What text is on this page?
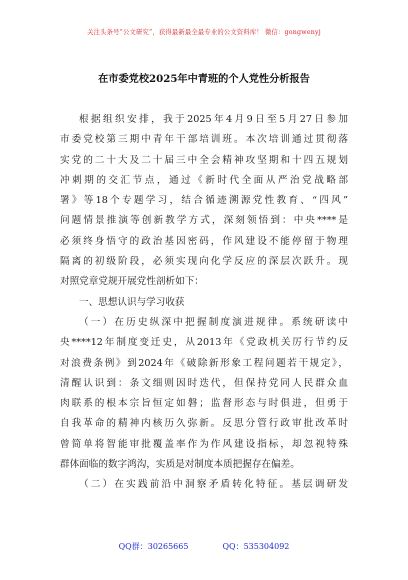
关注头条号“公文研究”，获得最新最全最专业的公文资料库！ 微信：gongwenyj
在市委党校2025年中青班的个人党性分析报告
根据组织安排，我于2025年4月9日至5月27日参加
市委党校第三期中青年干部培训班。本次培训通过贯彻落
实党的二十大及二十届三中全会精神攻坚期和十四五规划
冲刺期的交汇节点，通过《新时代全面从严治党战略部
署》等18个专题学习，结合循迹溯源党性教育、“四风”
问题情景推演等创新教学方式，深刻领悟到：中央****是
必须终身悟守的政治基因密码，作风建设不能停留于物理
隔离的初级阶段，必须实现向化学反应的深层次跃升。现
对照党章党规开展党性剖析如下：
一、思想认识与学习收获
（一）在历史纵深中把握制度演进规律。系统研读中
央****12年制度变迁史，从2013年《党政机关厉行节约反
对浪费条例》到2024年《破除新形象工程问题若干规定》，
清醒认识到：条文细则因时迭代，但保持党同人民群众血
肉联系的根本宗旨恒定如磐；监督形态与时俱进，但勇于
自我革命的精神内核历久弥新。反思分管行政审批改革时
曾简单将智能审批覆盖率作为作风建设指标，却忽视特殊
群体面临的数字鸿沟，实质是对制度本质把握存在偏差。
（二）在实践前沿中洞察矛盾转化特征。基层调研发
QQ群：30265665	QQ：535304092
